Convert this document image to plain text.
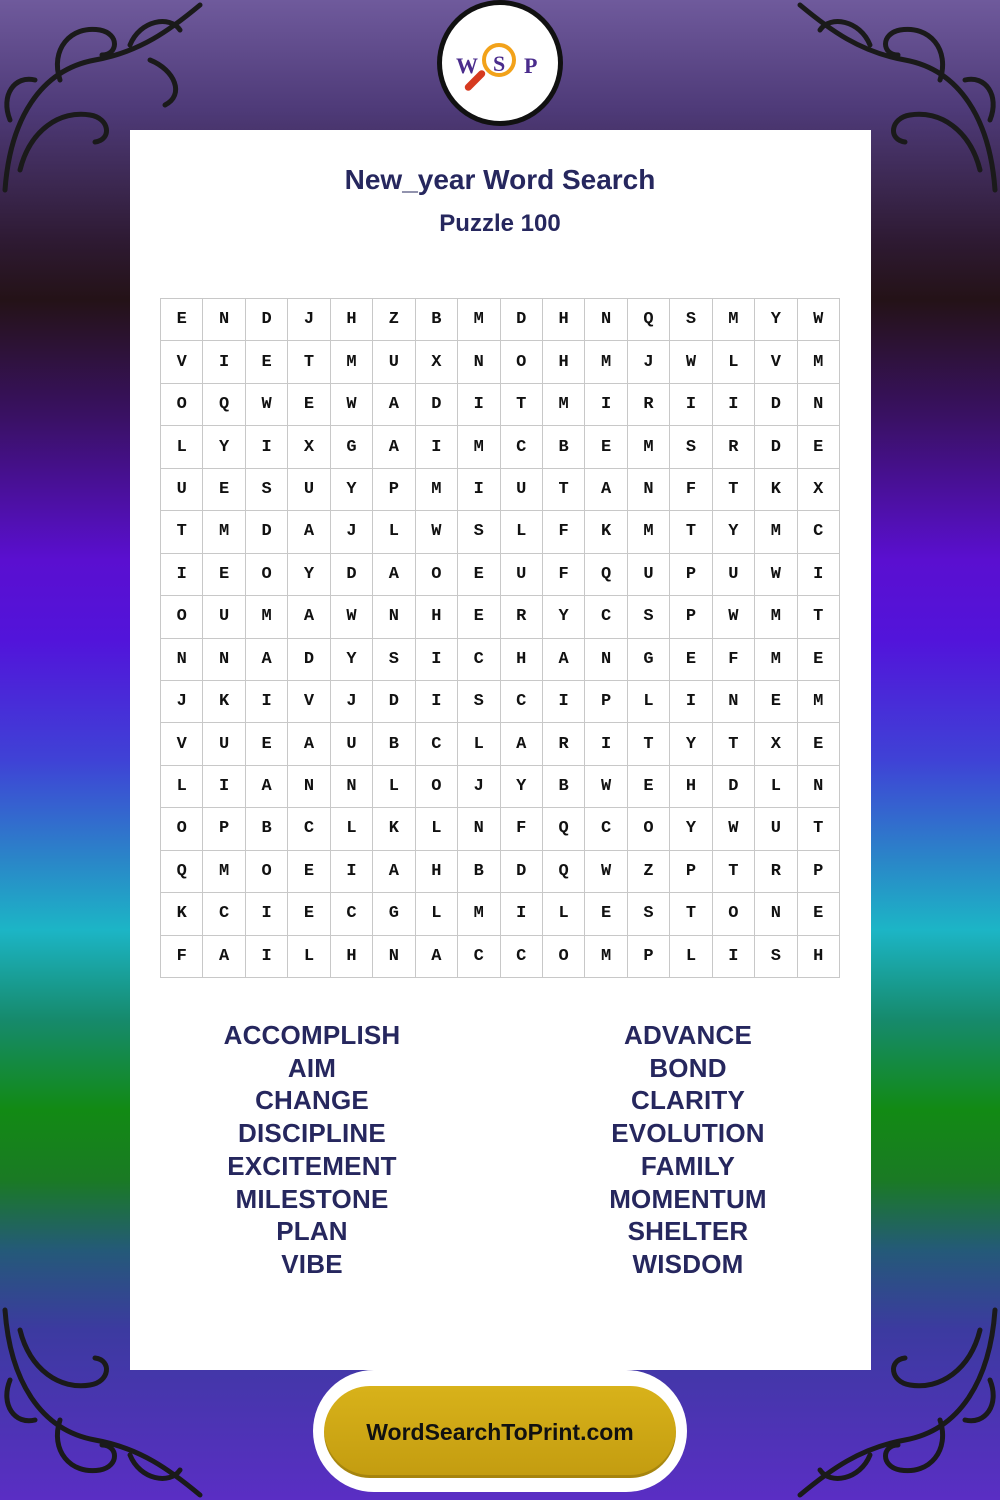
W S P
New_year Word Search
Puzzle 100
E	N	D	J	H	Z	B	M	D	H	N	Q	S	M	Y	W
V	I	E	T	M	U	X	N	O	H	M	J	W	L	V	M
O	Q	W	E	W	A	D	I	T	M	I	R	I	I	D	N
L	Y	I	X	G	A	I	M	C	B	E	M	S	R	D	E
U	E	S	U	Y	P	M	I	U	T	A	N	F	T	K	X
T	M	D	A	J	L	W	S	L	F	K	M	T	Y	M	C
I	E	O	Y	D	A	O	E	U	F	Q	U	P	U	W	I
O	U	M	A	W	N	H	E	R	Y	C	S	P	W	M	T
N	N	A	D	Y	S	I	C	H	A	N	G	E	F	M	E
J	K	I	V	J	D	I	S	C	I	P	L	I	N	E	M
V	U	E	A	U	B	C	L	A	R	I	T	Y	T	X	E
L	I	A	N	N	L	O	J	Y	B	W	E	H	D	L	N
O	P	B	C	L	K	L	N	F	Q	C	O	Y	W	U	T
Q	M	O	E	I	A	H	B	D	Q	W	Z	P	T	R	P
K	C	I	E	C	G	L	M	I	L	E	S	T	O	N	E
F	A	I	L	H	N	A	C	C	O	M	P	L	I	S	H
ACCOMPLISH
AIM
CHANGE
DISCIPLINE
EXCITEMENT
MILESTONE
PLAN
VIBE
ADVANCE
BOND
CLARITY
EVOLUTION
FAMILY
MOMENTUM
SHELTER
WISDOM
WordSearchToPrint.com
